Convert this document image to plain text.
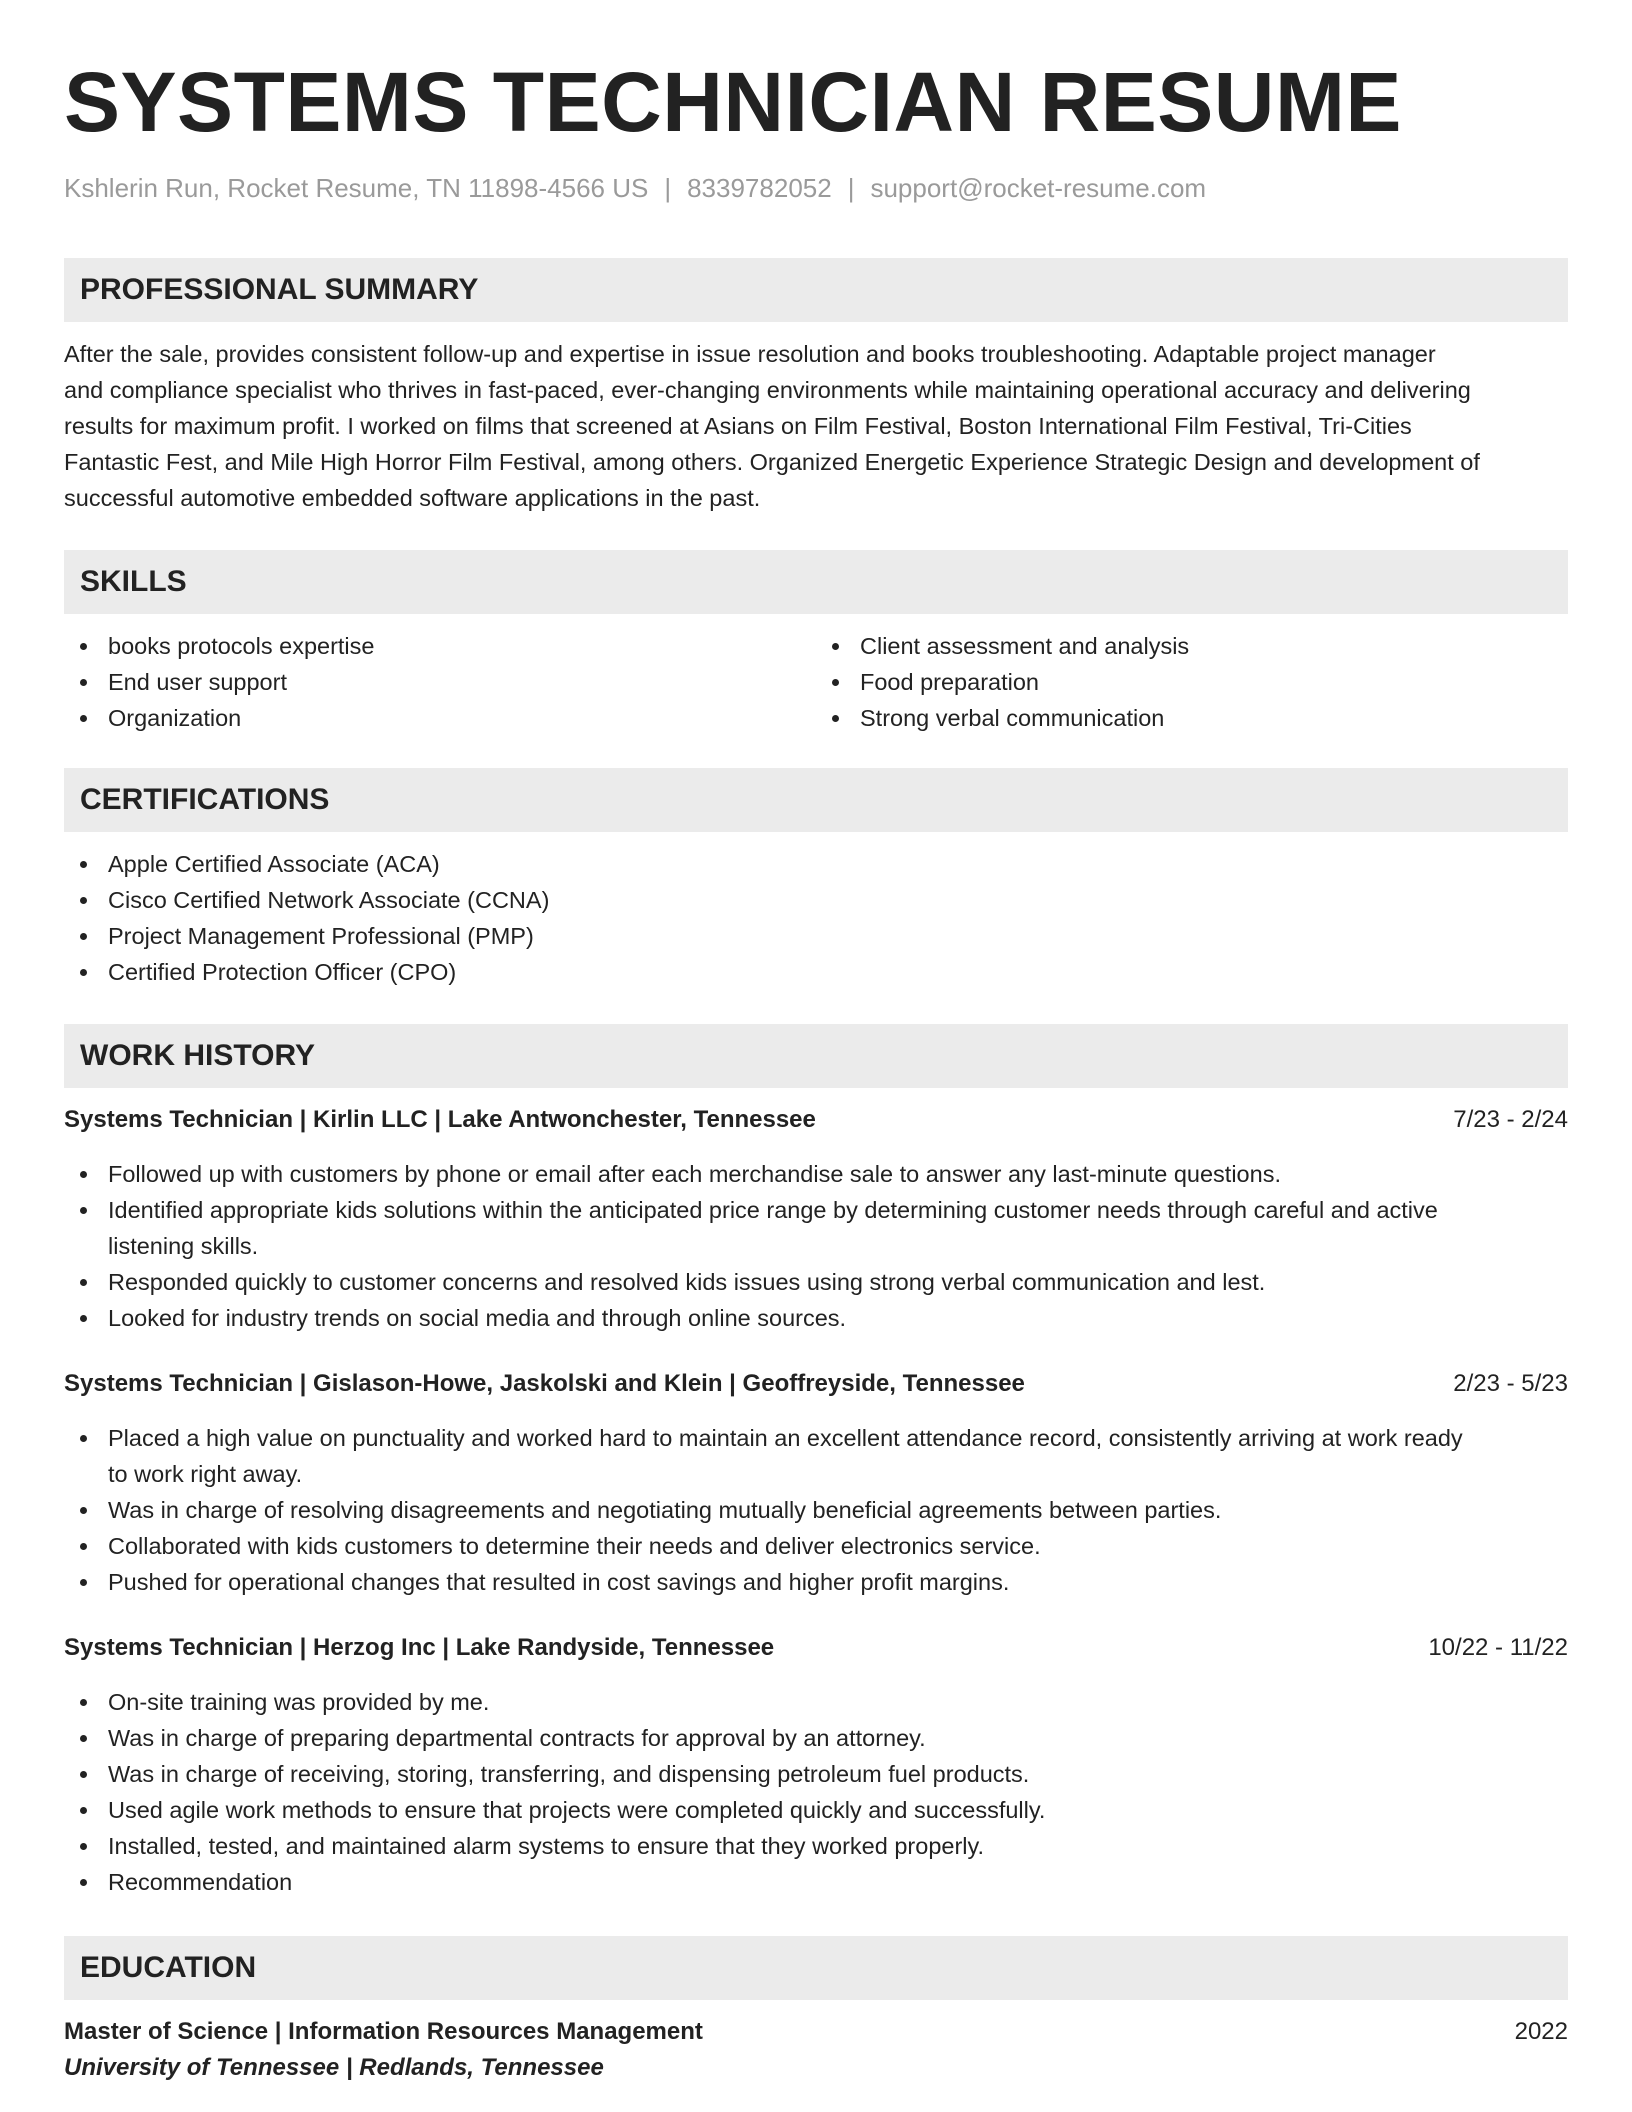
SYSTEMS TECHNICIAN RESUME
Kshlerin Run, Rocket Resume, TN 11898-4566 US | 8339782052 | support@rocket-resume.com
PROFESSIONAL SUMMARY
After the sale, provides consistent follow-up and expertise in issue resolution and books troubleshooting. Adaptable project manager
and compliance specialist who thrives in fast-paced, ever-changing environments while maintaining operational accuracy and delivering
results for maximum profit. I worked on films that screened at Asians on Film Festival, Boston International Film Festival, Tri-Cities
Fantastic Fest, and Mile High Horror Film Festival, among others. Organized Energetic Experience Strategic Design and development of
successful automotive embedded software applications in the past.
SKILLS
books protocols expertise
End user support
Organization
Client assessment and analysis
Food preparation
Strong verbal communication
CERTIFICATIONS
Apple Certified Associate (ACA)
Cisco Certified Network Associate (CCNA)
Project Management Professional (PMP)
Certified Protection Officer (CPO)
WORK HISTORY
Systems Technician | Kirlin LLC | Lake Antwonchester, Tennessee	7/23 - 2/24
Followed up with customers by phone or email after each merchandise sale to answer any last-minute questions.
Identified appropriate kids solutions within the anticipated price range by determining customer needs through careful and active
listening skills.
Responded quickly to customer concerns and resolved kids issues using strong verbal communication and lest.
Looked for industry trends on social media and through online sources.
Systems Technician | Gislason-Howe, Jaskolski and Klein | Geoffreyside, Tennessee	2/23 - 5/23
Placed a high value on punctuality and worked hard to maintain an excellent attendance record, consistently arriving at work ready
to work right away.
Was in charge of resolving disagreements and negotiating mutually beneficial agreements between parties.
Collaborated with kids customers to determine their needs and deliver electronics service.
Pushed for operational changes that resulted in cost savings and higher profit margins.
Systems Technician | Herzog Inc | Lake Randyside, Tennessee	10/22 - 11/22
On-site training was provided by me.
Was in charge of preparing departmental contracts for approval by an attorney.
Was in charge of receiving, storing, transferring, and dispensing petroleum fuel products.
Used agile work methods to ensure that projects were completed quickly and successfully.
Installed, tested, and maintained alarm systems to ensure that they worked properly.
Recommendation
EDUCATION
Master of Science | Information Resources Management	2022
University of Tennessee | Redlands, Tennessee
